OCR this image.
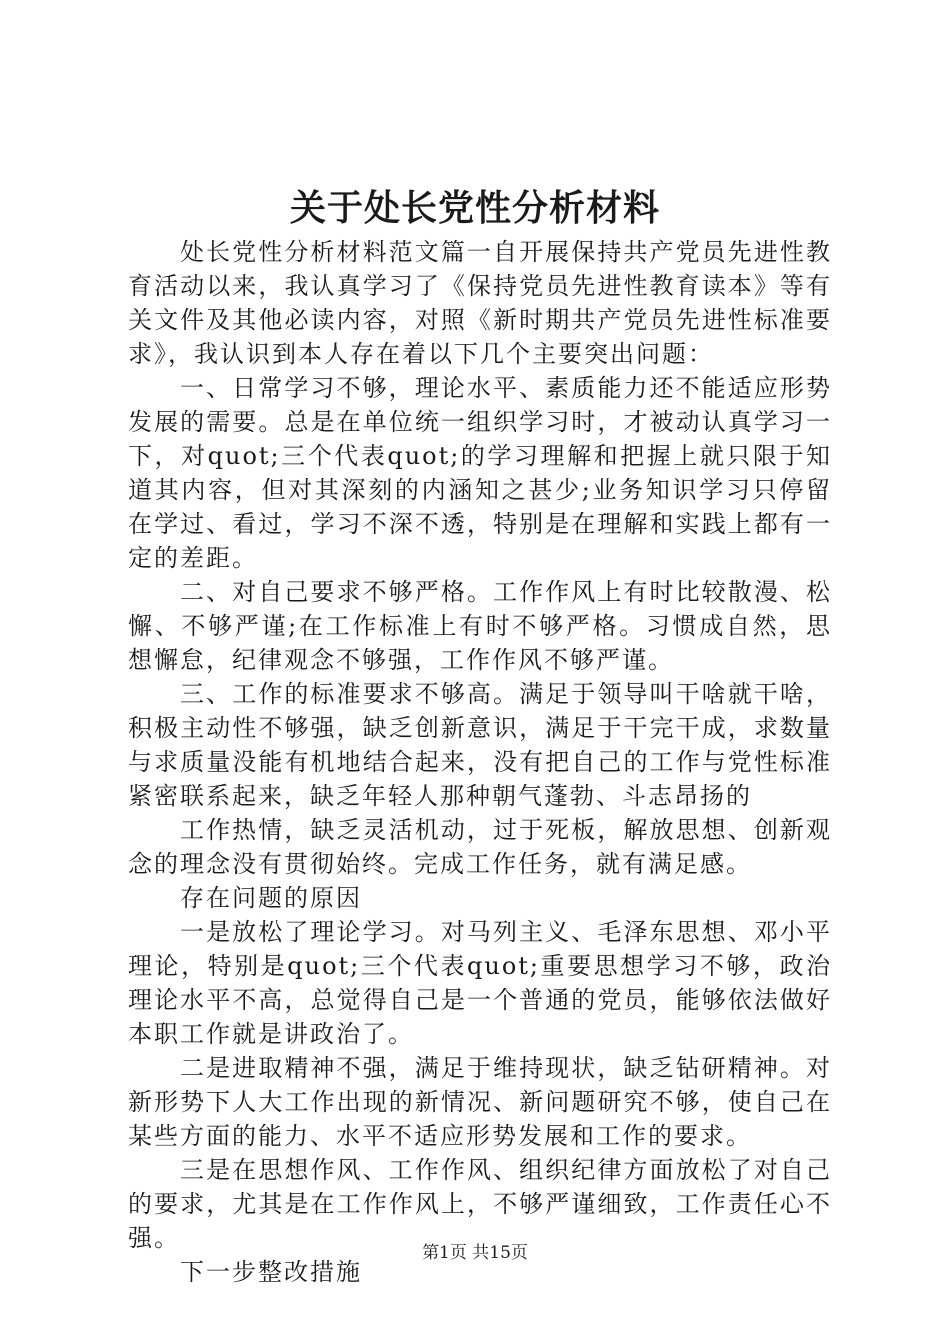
关于处长党性分析材料

处长党性分析材料范文篇一自开展保持共产党员先进性教育活动以来，我认真学习了《保持党员先进性教育读本》等有关文件及其他必读内容，对照《新时期共产党员先进性标准要求》，我认识到本人存在着以下几个主要突出问题：

一、日常学习不够，理论水平、素质能力还不能适应形势发展的需要。总是在单位统一组织学习时，才被动认真学习一下，对quot;三个代表quot;的学习理解和把握上就只限于知道其内容，但对其深刻的内涵知之甚少;业务知识学习只停留在学过、看过，学习不深不透，特别是在理解和实践上都有一定的差距。

二、对自己要求不够严格。工作作风上有时比较散漫、松懈、不够严谨;在工作标准上有时不够严格。习惯成自然，思想懈怠，纪律观念不够强，工作作风不够严谨。

三、工作的标准要求不够高。满足于领导叫干啥就干啥，积极主动性不够强，缺乏创新意识，满足于干完干成，求数量与求质量没能有机地结合起来，没有把自己的工作与党性标准紧密联系起来，缺乏年轻人那种朝气蓬勃、斗志昂扬的

工作热情，缺乏灵活机动，过于死板，解放思想、创新观念的理念没有贯彻始终。完成工作任务，就有满足感。

存在问题的原因

一是放松了理论学习。对马列主义、毛泽东思想、邓小平理论，特别是quot;三个代表quot;重要思想学习不够，政治理论水平不高，总觉得自己是一个普通的党员，能够依法做好本职工作就是讲政治了。

二是进取精神不强，满足于维持现状，缺乏钻研精神。对新形势下人大工作出现的新情况、新问题研究不够，使自己在某些方面的能力、水平不适应形势发展和工作的要求。

三是在思想作风、工作作风、组织纪律方面放松了对自己的要求，尤其是在工作作风上，不够严谨细致，工作责任心不强。

下一步整改措施

第1页 共15页
